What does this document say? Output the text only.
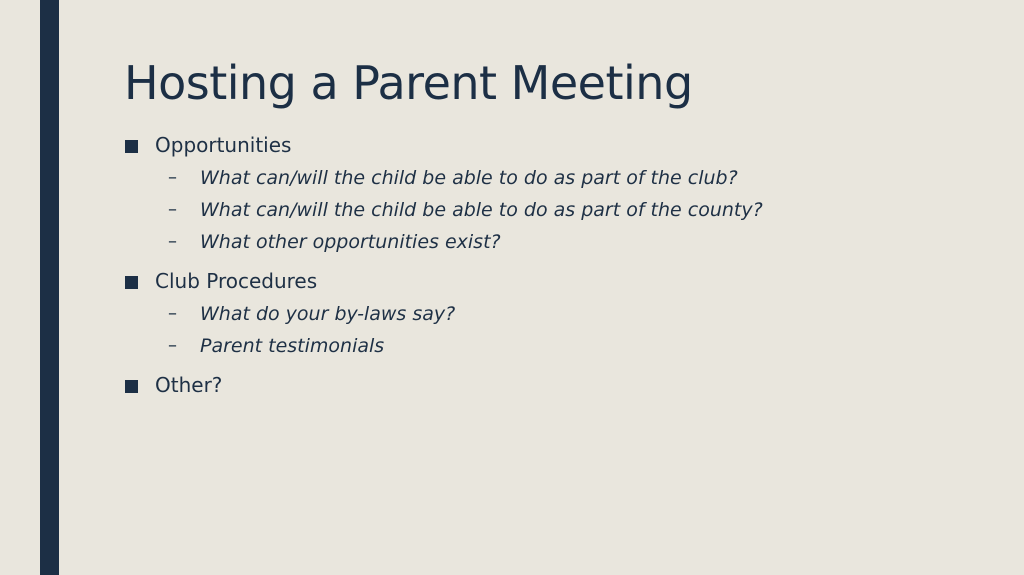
Hosting a Parent Meeting
Opportunities
– What can/will the child be able to do as part of the club?
– What can/will the child be able to do as part of the county?
– What other opportunities exist?
Club Procedures
– What do your by-laws say?
– Parent testimonials
Other?
